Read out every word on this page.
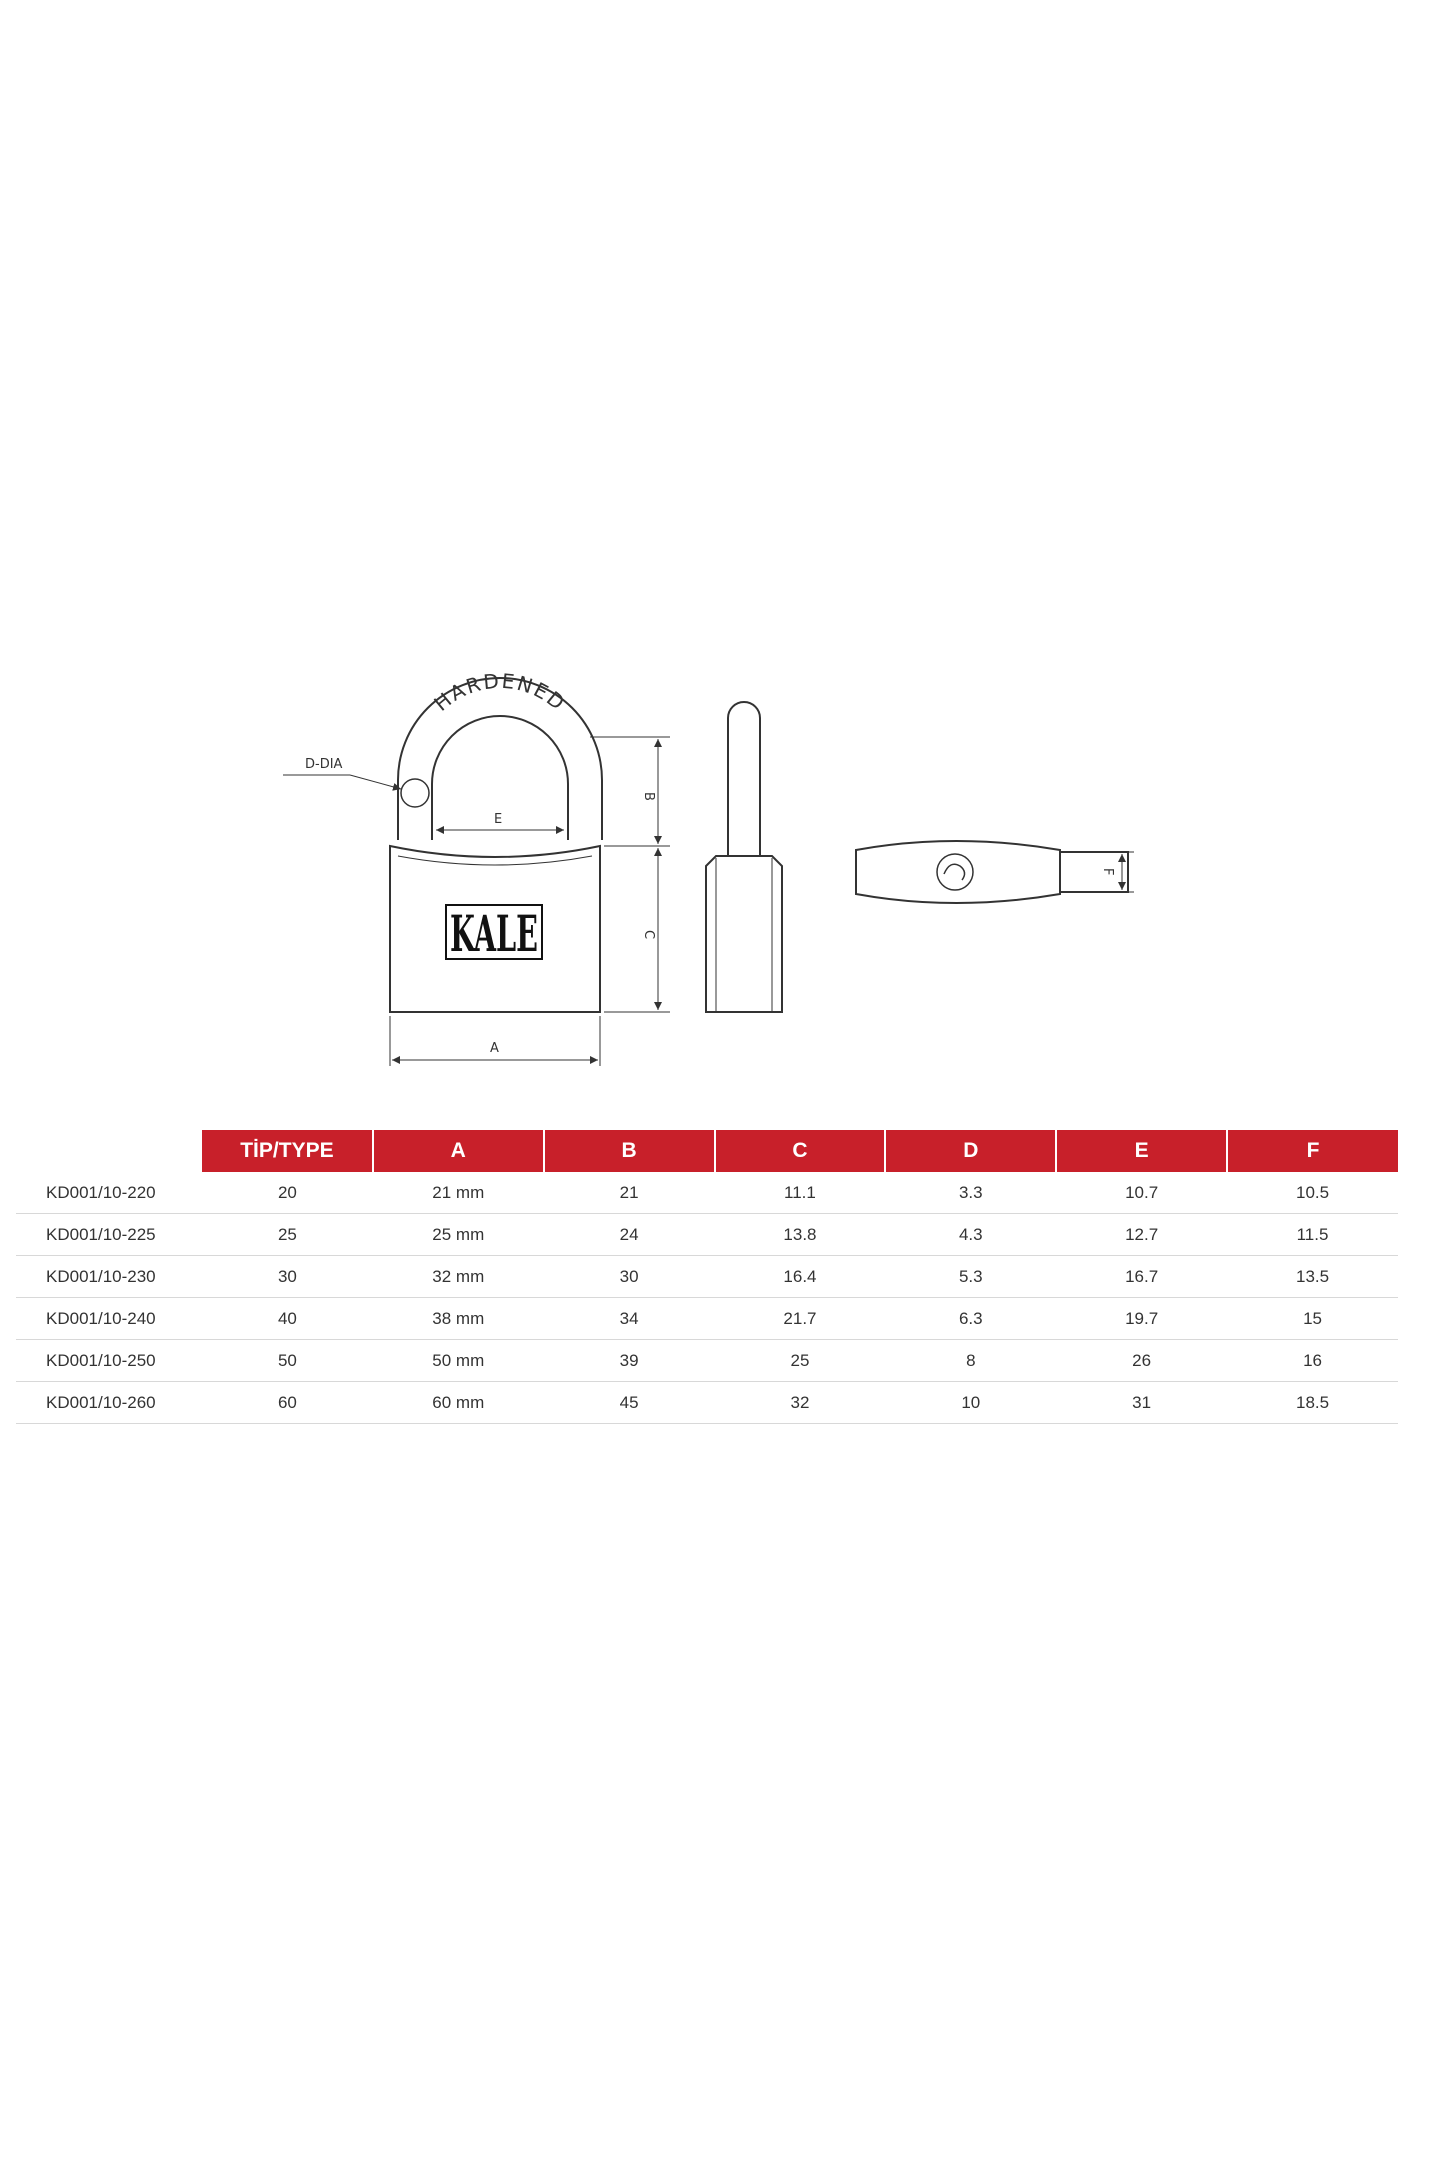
HARDENED
D-DIA
E
KALE
A
B
C
F
	TİP/TYPE	A	B	C	D	E	F
KD001/10-220	20	21 mm	21	11.1	3.3	10.7	10.5
KD001/10-225	25	25 mm	24	13.8	4.3	12.7	11.5
KD001/10-230	30	32 mm	30	16.4	5.3	16.7	13.5
KD001/10-240	40	38 mm	34	21.7	6.3	19.7	15
KD001/10-250	50	50 mm	39	25	8	26	16
KD001/10-260	60	60 mm	45	32	10	31	18.5
